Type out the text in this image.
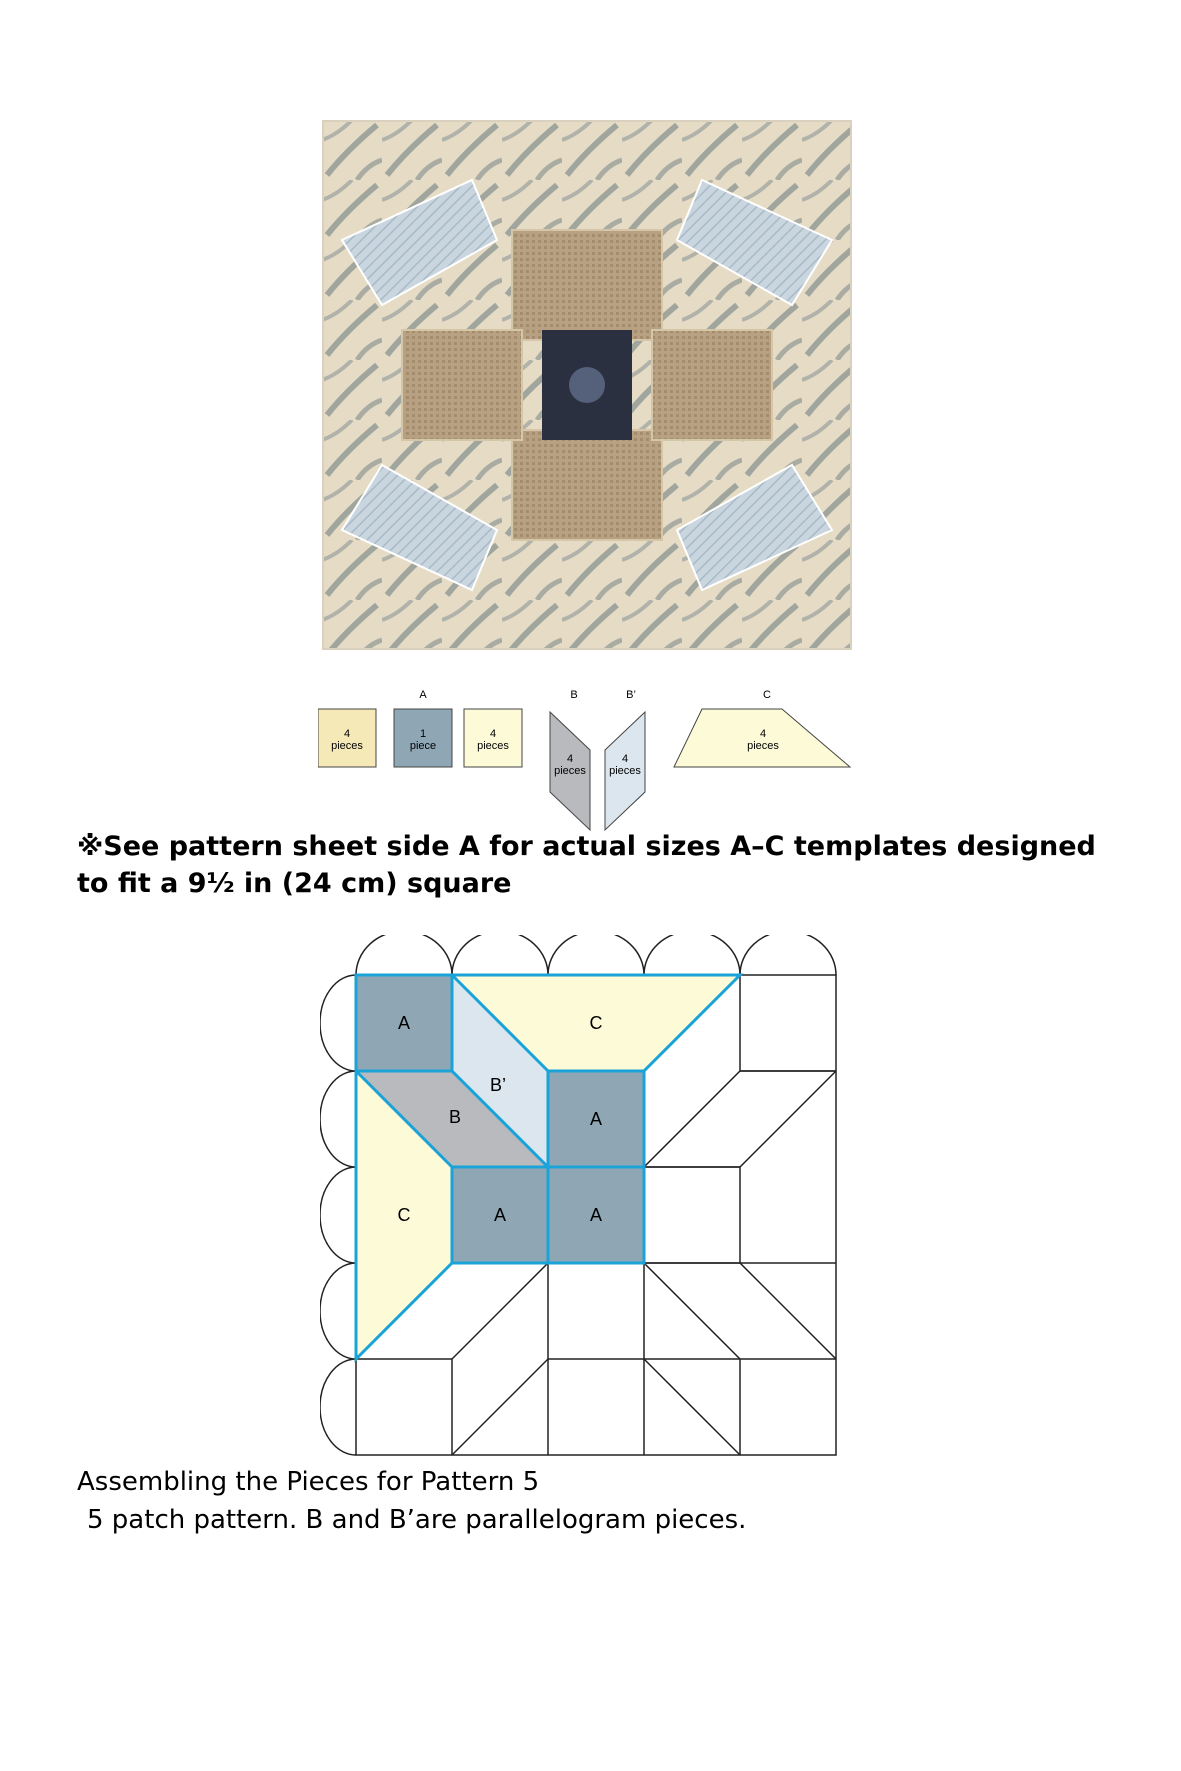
A	B	B’	C
4
pieces
1
piece
4
pieces
4
pieces
4
pieces
4
pieces
※See pattern sheet side A for actual sizes A–C templates designed to fit a 9½ in (24 cm) square
A	C
B’
B	A
C	A	A
Assembling the Pieces for Pattern 5
5 patch pattern. B and B’are parallelogram pieces.
